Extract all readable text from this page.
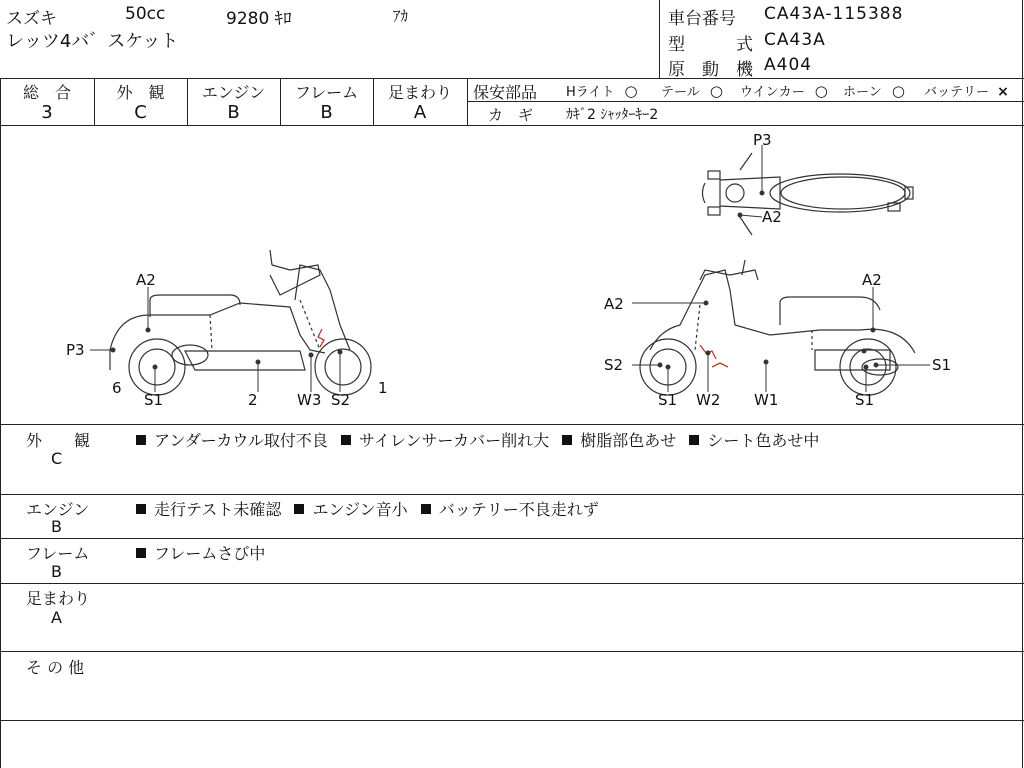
スズキ	50cc	9280 ｷﾛ	ｱｶ
レッツ4バ゛スケット
車台番号 CA43A-115388
型	式 CA43A
原 動 機 A404
総　合
3
外　観
C
エンジン
B
フレーム
B
足まわり
A
保安部品 Hライト ○ テール ○ ウインカー ○ ホーン ○ バッテリー ×
カ　ギ ｶｷﾞ2 ｼｬｯﾀｰｷｰ2
P3
A2
A2
P3
6
S1	2	W3 S2
1
A2
A2
S2	S1
S1 W2 W1	S1
外　　観
C
アンダーカウル取付不良 サイレンサーカバー削れ大 樹脂部色あせ シート色あせ中
エンジン
B
走行テスト未確認 エンジン音小 バッテリー不良走れず
フレーム
B
フレームさび中
足まわり
A
そ の 他
